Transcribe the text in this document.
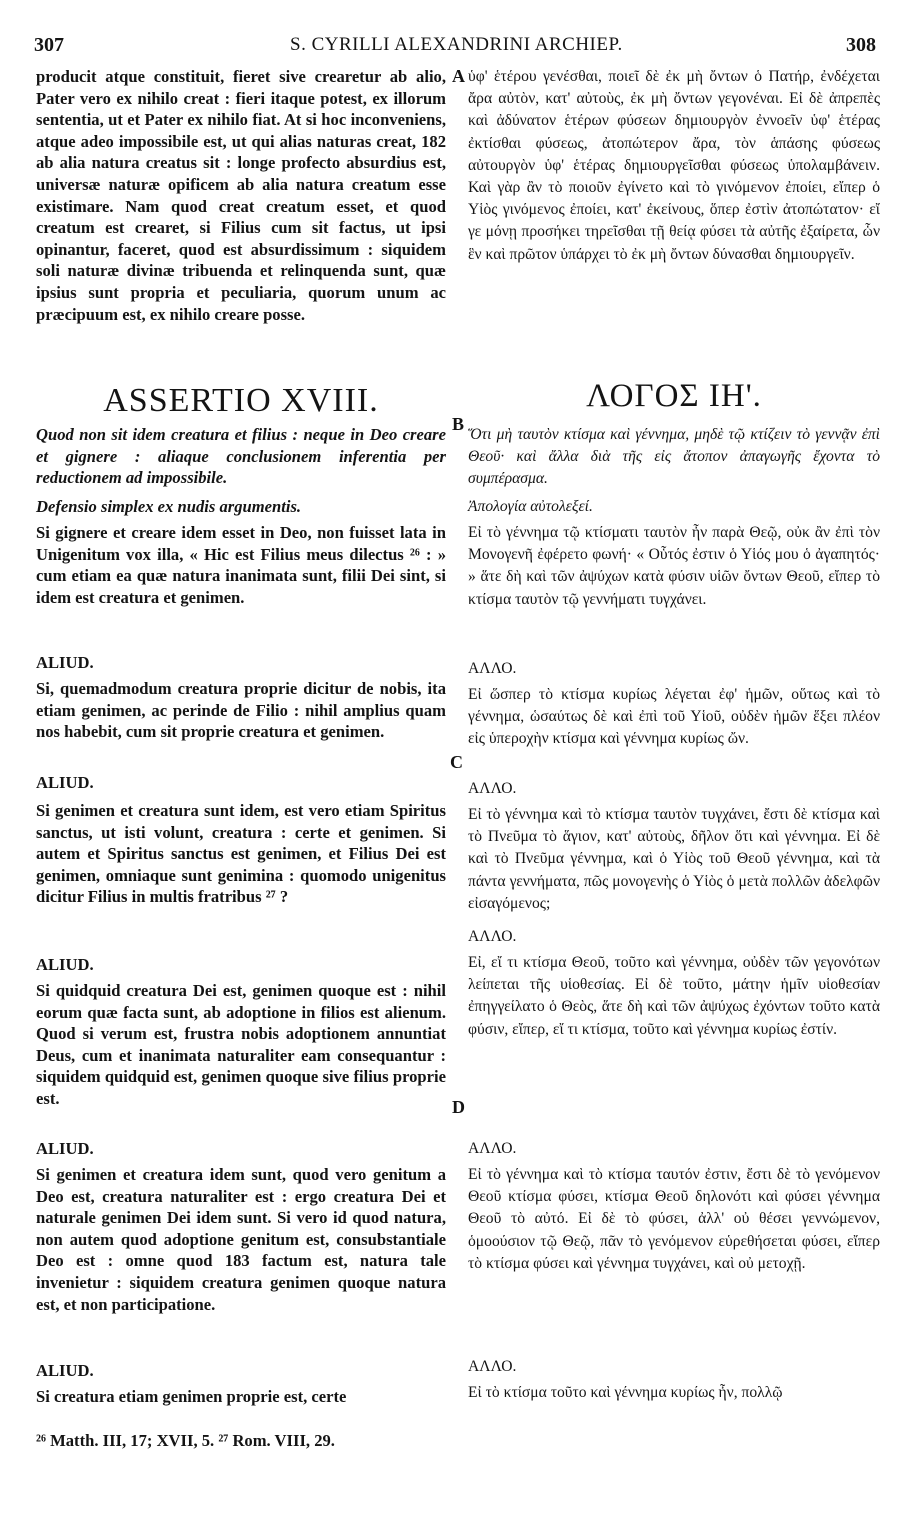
307	S. CYRILLI ALEXANDRINI ARCHIEP.	308
A
B
C
D

producit atque constituit, fieret sive crearetur ab alio, Pater vero ex nihilo creat : fieri itaque potest, ex illorum sententia, ut et Pater ex nihilo fiat. At si hoc inconveniens, atque adeo impossibile est, ut qui alias naturas creat, 182 ab alia natura creatus sit : longe profecto absurdius est, universæ naturæ opificem ab alia natura creatum esse existimare. Nam quod creat creatum esset, et quod creatum est crearet, si Filius cum sit factus, ut ipsi opinantur, faceret, quod est absurdissimum : siquidem soli naturæ divinæ tribuenda et relinquenda sunt, quæ ipsius sunt propria et peculiaria, quorum unum ac præcipuum est, ex nihilo creare posse.

ASSERTIO XVIII.

Quod non sit idem creatura et filius : neque in Deo creare et gignere : aliaque conclusionem inferentia per reductionem ad impossibile.

Defensio simplex ex nudis argumentis.

Si gignere et creare idem esset in Deo, non fuisset lata in Unigenitum vox illa, « Hic est Filius meus dilectus ²⁶ : » cum etiam ea quæ natura inanimata sunt, filii Dei sint, si idem est creatura et genimen.

ALIUD.

Si, quemadmodum creatura proprie dicitur de nobis, ita etiam genimen, ac perinde de Filio : nihil amplius quam nos habebit, cum sit proprie creatura et genimen.

ALIUD.

Si genimen et creatura sunt idem, est vero etiam Spiritus sanctus, ut isti volunt, creatura : certe et genimen. Si autem et Spiritus sanctus est genimen, et Filius Dei est genimen, omniaque sunt genimina : quomodo unigenitus dicitur Filius in multis fratribus ²⁷ ?

ALIUD.

Si quidquid creatura Dei est, genimen quoque est : nihil eorum quæ facta sunt, ab adoptione in filios est alienum. Quod si verum est, frustra nobis adoptionem annuntiat Deus, cum et inanimata naturaliter eam consequantur : siquidem quidquid est, genimen quoque sive filius proprie est.

ALIUD.

Si genimen et creatura idem sunt, quod vero genitum a Deo est, creatura naturaliter est : ergo creatura Dei et naturale genimen Dei idem sunt. Si vero id quod natura, non autem quod adoptione genitum est, consubstantiale Deo est : omne quod 183 factum est, natura tale invenietur : siquidem creatura genimen quoque natura est, et non participatione.

ALIUD.

Si creatura etiam genimen proprie est, certe

²⁶ Matth. III, 17; XVII, 5. ²⁷ Rom. VIII, 29.

ὑφ' ἑτέρου γενέσθαι, ποιεῖ δὲ ἐκ μὴ ὄντων ὁ Πατήρ, ἐνδέχεται ἄρα αὐτὸν, κατ' αὐτοὺς, ἐκ μὴ ὄντων γεγονέναι. Εἰ δὲ ἀπρεπὲς καὶ ἀδύνατον ἑτέρων φύσεων δημιουργὸν ἐννοεῖν ὑφ' ἑτέρας ἐκτίσθαι φύσεως, ἀτοπώτερον ἄρα, τὸν ἁπάσης φύσεως αὐτουργὸν ὑφ' ἑτέρας δημιουργεῖσθαι φύσεως ὑπολαμβάνειν. Καὶ γὰρ ἂν τὸ ποιοῦν ἐγίνετο καὶ τὸ γινόμενον ἐποίει, εἴπερ ὁ Υἱὸς γινόμενος ἐποίει, κατ' ἐκείνους, ὅπερ ἐστὶν ἀτοπώτατον· εἴ γε μόνῃ προσήκει τηρεῖσθαι τῇ θείᾳ φύσει τὰ αὐτῆς ἐξαίρετα, ὧν ἓν καὶ πρῶτον ὑπάρχει τὸ ἐκ μὴ ὄντων δύνασθαι δημιουργεῖν.

ΛΟΓΟΣ ΙΗ'.

Ὅτι μὴ ταυτὸν κτίσμα καὶ γέννημα, μηδὲ τῷ κτίζειν τὸ γεννᾷν ἐπὶ Θεοῦ· καὶ ἄλλα διὰ τῆς εἰς ἄτοπον ἀπαγωγῆς ἔχοντα τὸ συμπέρασμα.

Ἀπολογία αὐτολεξεί.

Εἰ τὸ γέννημα τῷ κτίσματι ταυτὸν ἦν παρὰ Θεῷ, οὐκ ἂν ἐπὶ τὸν Μονογενῆ ἐφέρετο φωνή· « Οὗτός ἐστιν ὁ Υἱός μου ὁ ἀγαπητός· » ἅτε δὴ καὶ τῶν ἀψύχων κατὰ φύσιν υἱῶν ὄντων Θεοῦ, εἴπερ τὸ κτίσμα ταυτὸν τῷ γεννήματι τυγχάνει.

ΑΛΛΟ.

Εἰ ὥσπερ τὸ κτίσμα κυρίως λέγεται ἐφ' ἡμῶν, οὕτως καὶ τὸ γέννημα, ὡσαύτως δὲ καὶ ἐπὶ τοῦ Υἱοῦ, οὐδὲν ἡμῶν ἕξει πλέον εἰς ὑπεροχὴν κτίσμα καὶ γέννημα κυρίως ὤν.

ΑΛΛΟ.

Εἰ τὸ γέννημα καὶ τὸ κτίσμα ταυτὸν τυγχάνει, ἔστι δὲ κτίσμα καὶ τὸ Πνεῦμα τὸ ἅγιον, κατ' αὐτοὺς, δῆλον ὅτι καὶ γέννημα. Εἰ δὲ καὶ τὸ Πνεῦμα γέννημα, καὶ ὁ Υἱὸς τοῦ Θεοῦ γέννημα, καὶ τὰ πάντα γεννήματα, πῶς μονογενὴς ὁ Υἱὸς ὁ μετὰ πολλῶν ἀδελφῶν εἰσαγόμενος;

ΑΛΛΟ.

Εἰ, εἴ τι κτίσμα Θεοῦ, τοῦτο καὶ γέννημα, οὐδὲν τῶν γεγονότων λείπεται τῆς υἱοθεσίας. Εἰ δὲ τοῦτο, μάτην ἡμῖν υἱοθεσίαν ἐπηγγείλατο ὁ Θεὸς, ἅτε δὴ καὶ τῶν ἀψύχως ἐχόντων τοῦτο κατὰ φύσιν, εἴπερ, εἴ τι κτίσμα, τοῦτο καὶ γέννημα κυρίως ἐστίν.

ΑΛΛΟ.

Εἰ τὸ γέννημα καὶ τὸ κτίσμα ταυτόν ἐστιν, ἔστι δὲ τὸ γενόμενον Θεοῦ κτίσμα φύσει, κτίσμα Θεοῦ δηλονότι καὶ φύσει γέννημα Θεοῦ τὸ αὐτό. Εἰ δὲ τὸ φύσει, ἀλλ' οὐ θέσει γεννώμενον, ὁμοούσιον τῷ Θεῷ, πᾶν τὸ γενόμενον εὑρεθήσεται φύσει, εἴπερ τὸ κτίσμα φύσει καὶ γέννημα τυγχάνει, καὶ οὐ μετοχῇ.

ΑΛΛΟ.

Εἰ τὸ κτίσμα τοῦτο καὶ γέννημα κυρίως ἦν, πολλῷ
